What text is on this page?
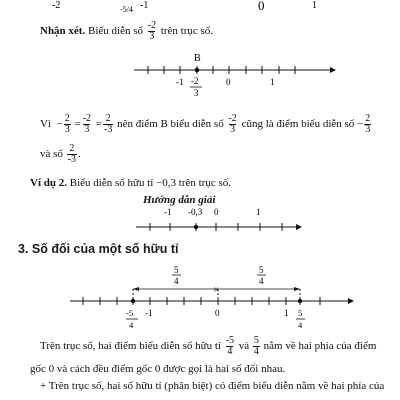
-2	-5/4 -1	0	1
Nhận xét. Biểu diễn số $\frac{-2}{3}$ trên trục số.
B
-1	0	1
-2
3
Vì  − $\frac{2}{3} = \frac{-2}{3} = \frac{2}{-3}$ nên điểm B biểu diễn số $\frac{-2}{3}$ cũng là điểm biểu diễn số − $\frac{2}{3}$
và số $\frac{2}{-3}$ .
Ví dụ 2. Biểu diễn số hữu tỉ −0,3 trên trục số.
Hướng dẫn giải
-1 -0,3 0	1
3. Số đối của một số hữu tỉ
5
4
5
4
×
-1	0	1
-5
4
5
4
Trên trục số, hai điểm biểu diễn số hữu tỉ $\frac{-5}{4}$ và $\frac{5}{4}$ nằm về hai phía của điểm
gốc 0 và cách đều điểm gốc 0 được gọi là hai số đối nhau.
+ Trên trục số, hai số hữu tỉ (phân biệt) có điểm biểu diễn nằm về hai phía của
